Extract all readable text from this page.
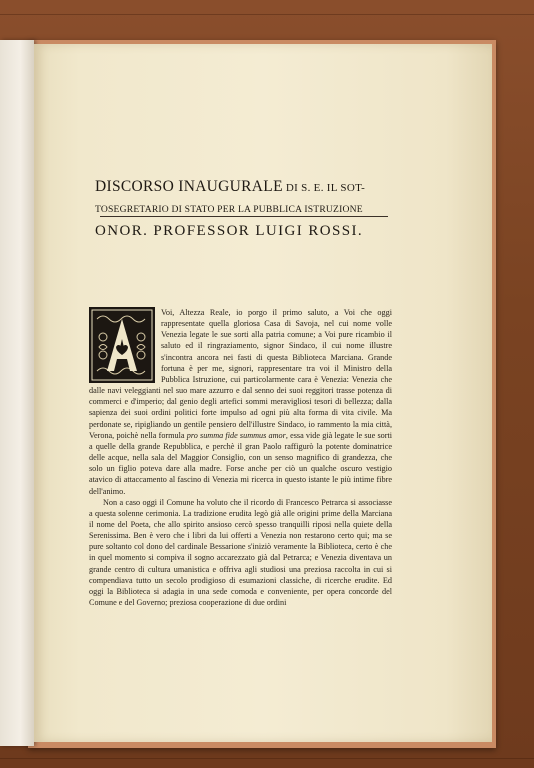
DISCORSO INAUGURALE DI S. E. IL SOT-
TOSEGRETARIO DI STATO PER LA PUBBLICA ISTRUZIONE
ONOR. PROFESSOR LUIGI ROSSI.

Voi, Altezza Reale, io porgo il primo saluto, a Voi che oggi rappresentate quella gloriosa Casa di Savoja, nel cui nome volle Venezia legate le sue sorti alla patria comune; a Voi pure ricambio il saluto ed il ringraziamento, signor Sindaco, il cui nome illustre s'incontra ancora nei fasti di questa Biblioteca Marciana. Grande fortuna è per me, signori, rappresentare tra voi il Ministro della Pubblica Istruzione, cui particolarmente cara è Venezia: Venezia che dalle navi veleggianti nel suo mare azzurro e dal senno dei suoi reggitori trasse potenza di commerci e d'imperio; dal genio degli artefici sommi meravigliosi tesori di bellezza; dalla sapienza dei suoi ordini politici forte impulso ad ogni più alta forma di vita civile. Ma perdonate se, ripigliando un gentile pensiero dell'illustre Sindaco, io rammento la mia città, Verona, poichè nella formula pro summa fide summus amor, essa vide già legate le sue sorti a quelle della grande Repubblica, e perchè il gran Paolo raffigurò la potente dominatrice delle acque, nella sala del Maggior Consiglio, con un senso magnifico di grandezza, che solo un figlio poteva dare alla madre. Forse anche per ciò un qualche oscuro vestigio atavico di attaccamento al fascino di Venezia mi ricerca in questo istante le più intime fibre dell'animo.

Non a caso oggi il Comune ha voluto che il ricordo di Francesco Petrarca si associasse a questa solenne cerimonia. La tradizione erudita legò già alle origini prime della Marciana il nome del Poeta, che allo spirito ansioso cercò spesso tranquilli riposi nella quiete della Serenissima. Ben è vero che i libri da lui offerti a Venezia non restarono certo qui; ma se pure soltanto col dono del cardinale Bessarione s'iniziò veramente la Biblioteca, certo è che in quel momento si compiva il sogno accarezzato già dal Petrarca; e Venezia diventava un grande centro di cultura umanistica e offriva agli studiosi una preziosa raccolta in cui si compendiava tutto un secolo prodigioso di esumazioni classiche, di ricerche erudite. Ed oggi la Biblioteca si adagia in una sede comoda e conveniente, per opera concorde del Comune e del Governo; preziosa cooperazione di due ordini
